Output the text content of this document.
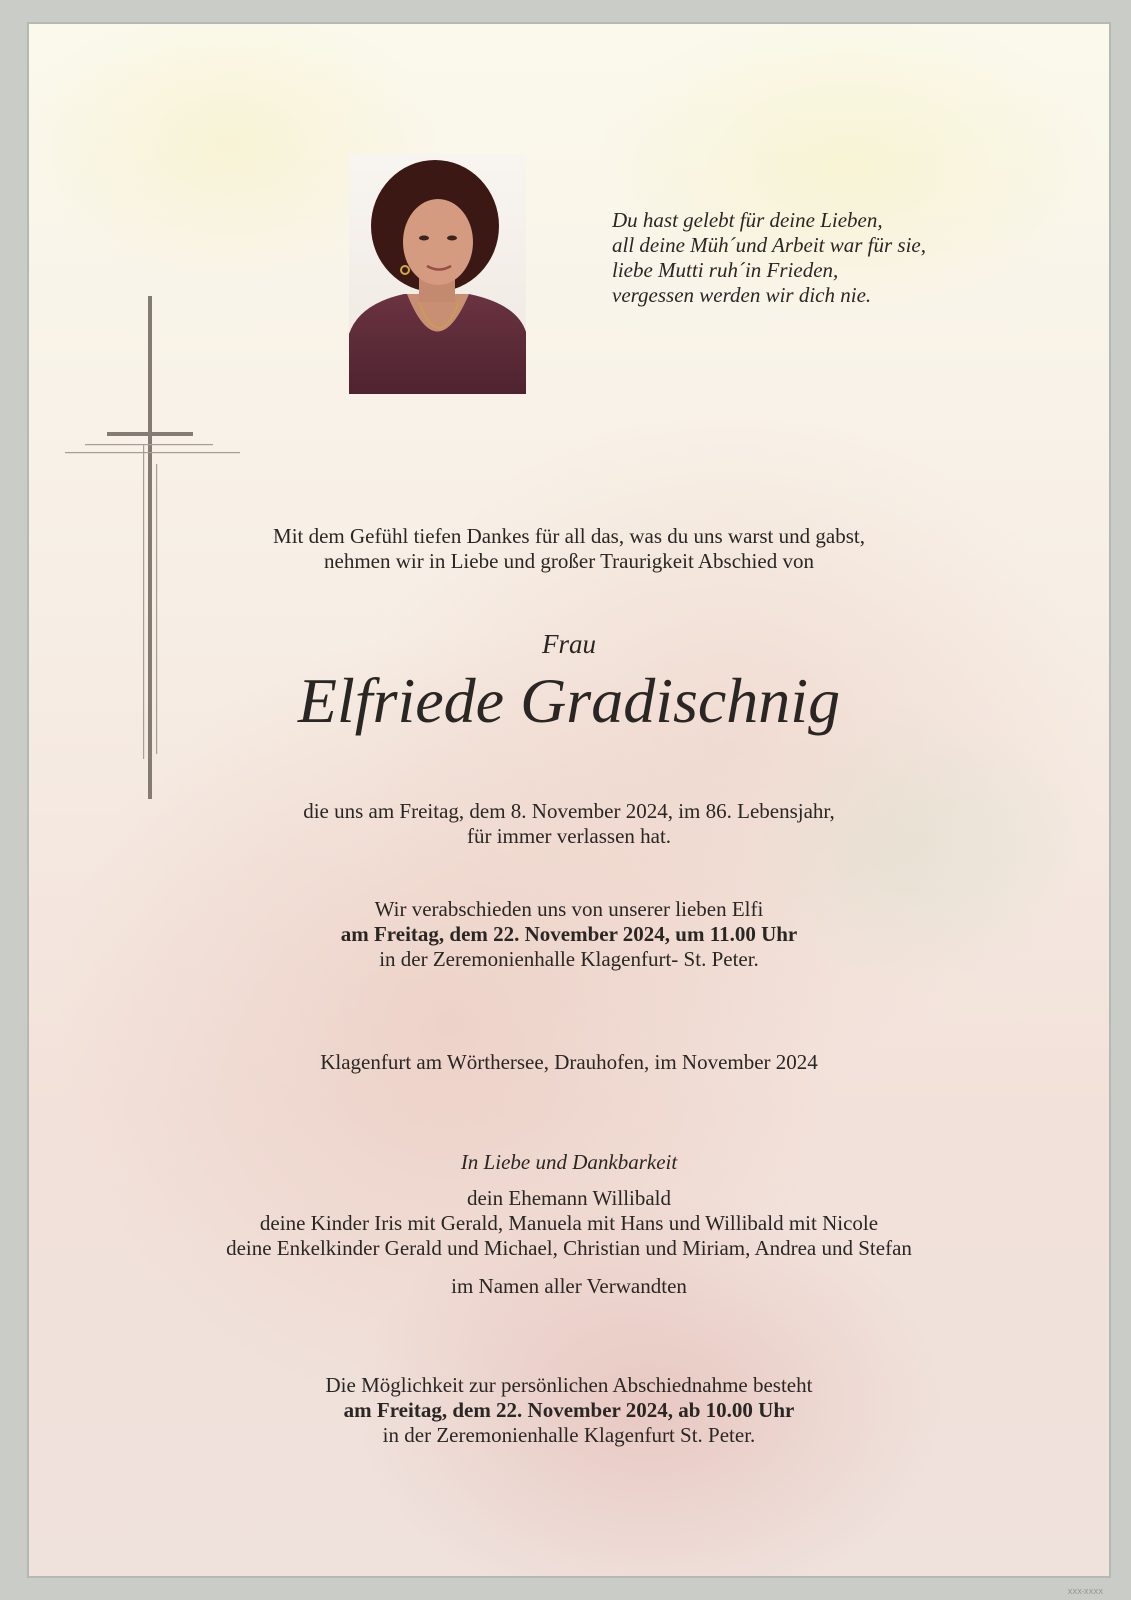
Du hast gelebt für deine Lieben,
all deine Müh´und Arbeit war für sie,
liebe Mutti ruh´in Frieden,
vergessen werden wir dich nie.
Mit dem Gefühl tiefen Dankes für all das, was du uns warst und gabst,
nehmen wir in Liebe und großer Traurigkeit Abschied von
Frau
Elfriede Gradischnig
die uns am Freitag, dem 8. November 2024, im 86. Lebensjahr,
für immer verlassen hat.
Wir verabschieden uns von unserer lieben Elfi
am Freitag, dem 22. November 2024, um 11.00 Uhr
in der Zeremonienhalle Klagenfurt- St. Peter.
Klagenfurt am Wörthersee, Drauhofen, im November 2024
In Liebe und Dankbarkeit
dein Ehemann Willibald
deine Kinder Iris mit Gerald, Manuela mit Hans und Willibald mit Nicole
deine Enkelkinder Gerald und Michael, Christian und Miriam, Andrea und Stefan
im Namen aller Verwandten
Die Möglichkeit zur persönlichen Abschiednahme besteht
am Freitag, dem 22. November 2024, ab 10.00 Uhr
in der Zeremonienhalle Klagenfurt St. Peter.
XXX-XXXX
